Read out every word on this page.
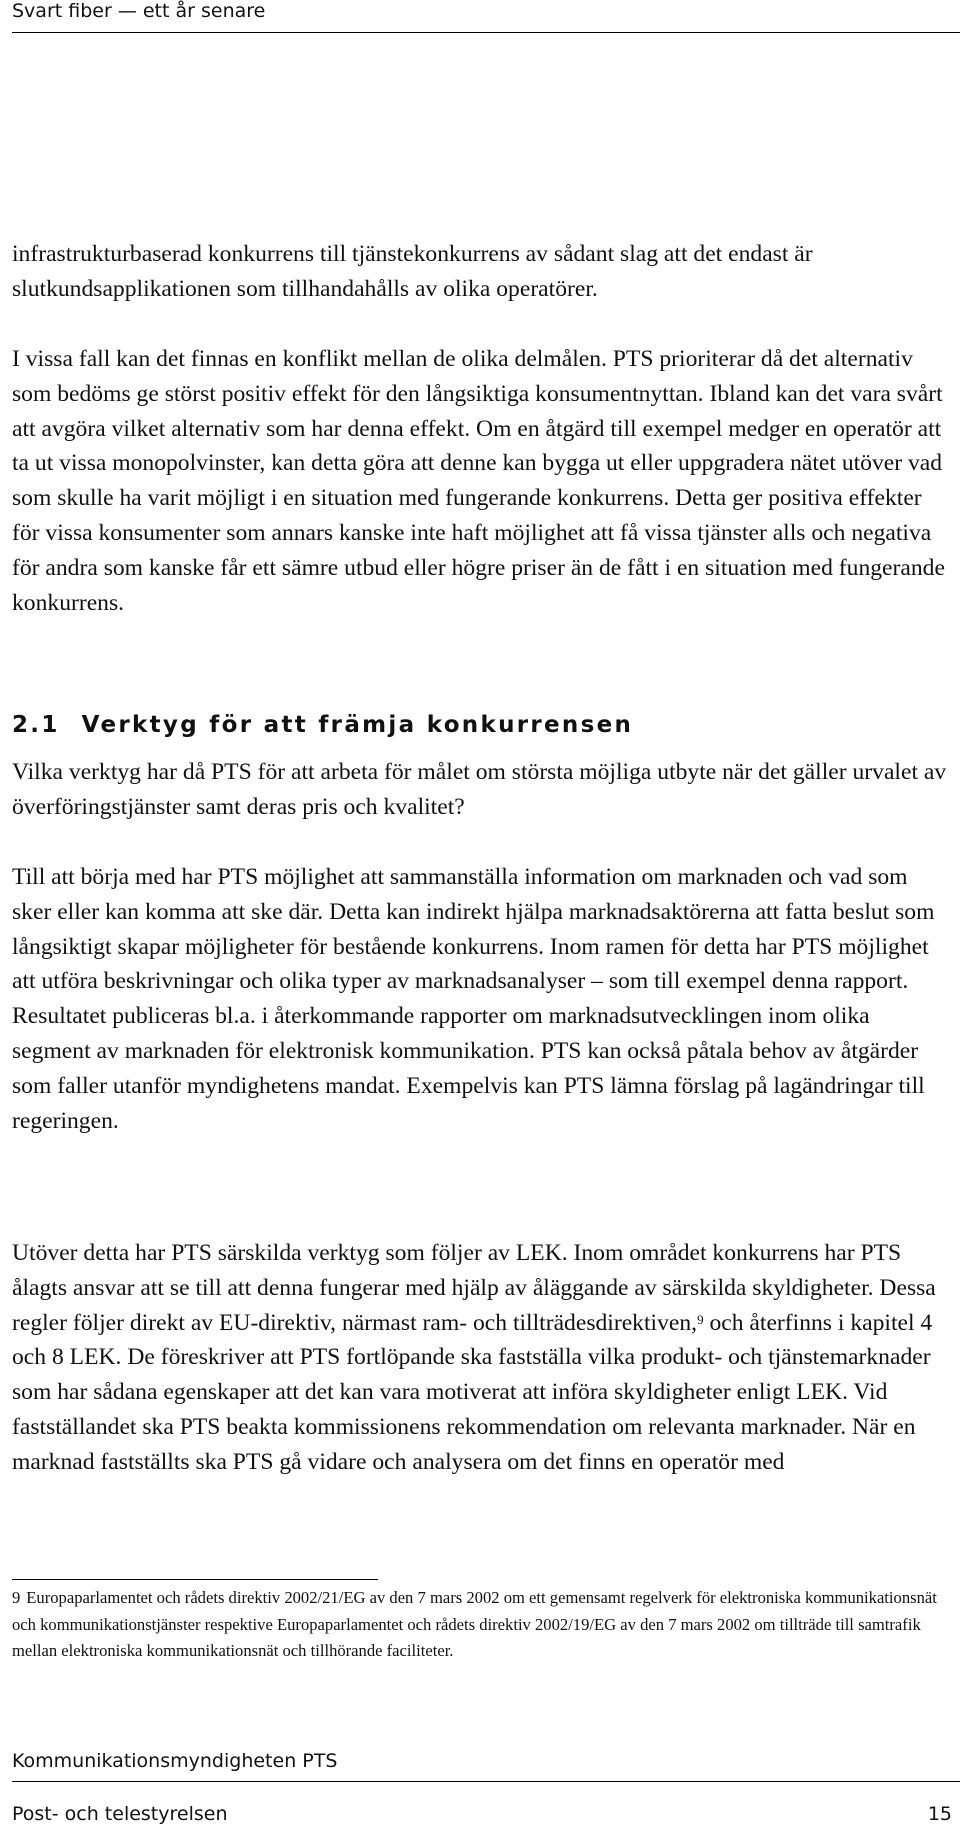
Svart fiber — ett år senare

infrastrukturbaserad konkurrens till tjänstekonkurrens av sådant slag att det endast är slutkundsapplikationen som tillhandahålls av olika operatörer.

I vissa fall kan det finnas en konflikt mellan de olika delmålen. PTS prioriterar då det alternativ som bedöms ge störst positiv effekt för den långsiktiga konsumentnyttan. Ibland kan det vara svårt att avgöra vilket alternativ som har denna effekt. Om en åtgärd till exempel medger en operatör att ta ut vissa monopolvinster, kan detta göra att denne kan bygga ut eller uppgradera nätet utöver vad som skulle ha varit möjligt i en situation med fungerande konkurrens. Detta ger positiva effekter för vissa konsumenter som annars kanske inte haft möjlighet att få vissa tjänster alls och negativa för andra som kanske får ett sämre utbud eller högre priser än de fått i en situation med fungerande konkurrens.

2.1 Verktyg för att främja konkurrensen

Vilka verktyg har då PTS för att arbeta för målet om största möjliga utbyte när det gäller urvalet av överföringstjänster samt deras pris och kvalitet?

Till att börja med har PTS möjlighet att sammanställa information om marknaden och vad som sker eller kan komma att ske där. Detta kan indirekt hjälpa marknadsaktörerna att fatta beslut som långsiktigt skapar möjligheter för bestående konkurrens. Inom ramen för detta har PTS möjlighet att utföra beskrivningar och olika typer av marknadsanalyser – som till exempel denna rapport. Resultatet publiceras bl.a. i återkommande rapporter om marknadsutvecklingen inom olika segment av marknaden för elektronisk kommunikation. PTS kan också påtala behov av åtgärder som faller utanför myndighetens mandat. Exempelvis kan PTS lämna förslag på lagändringar till regeringen.

Utöver detta har PTS särskilda verktyg som följer av LEK. Inom området konkurrens har PTS ålagts ansvar att se till att denna fungerar med hjälp av åläggande av särskilda skyldigheter. Dessa regler följer direkt av EU-direktiv, närmast ram- och tillträdesdirektiven,$^9$ och återfinns i kapitel 4 och 8 LEK. De föreskriver att PTS fortlöpande ska fastställa vilka produkt- och tjänstemarknader som har sådana egenskaper att det kan vara motiverat att införa skyldigheter enligt LEK. Vid fastställandet ska PTS beakta kommissionens rekommendation om relevanta marknader. När en marknad fastställts ska PTS gå vidare och analysera om det finns en operatör med

9 Europaparlamentet och rådets direktiv 2002/21/EG av den 7 mars 2002 om ett gemensamt regelverk för elektroniska kommunikationsnät och kommunikationstjänster respektive Europaparlamentet och rådets direktiv 2002/19/EG av den 7 mars 2002 om tillträde till samtrafik mellan elektroniska kommunikationsnät och tillhörande faciliteter.
Kommunikationsmyndigheten PTS
Post- och telestyrelsen	15
